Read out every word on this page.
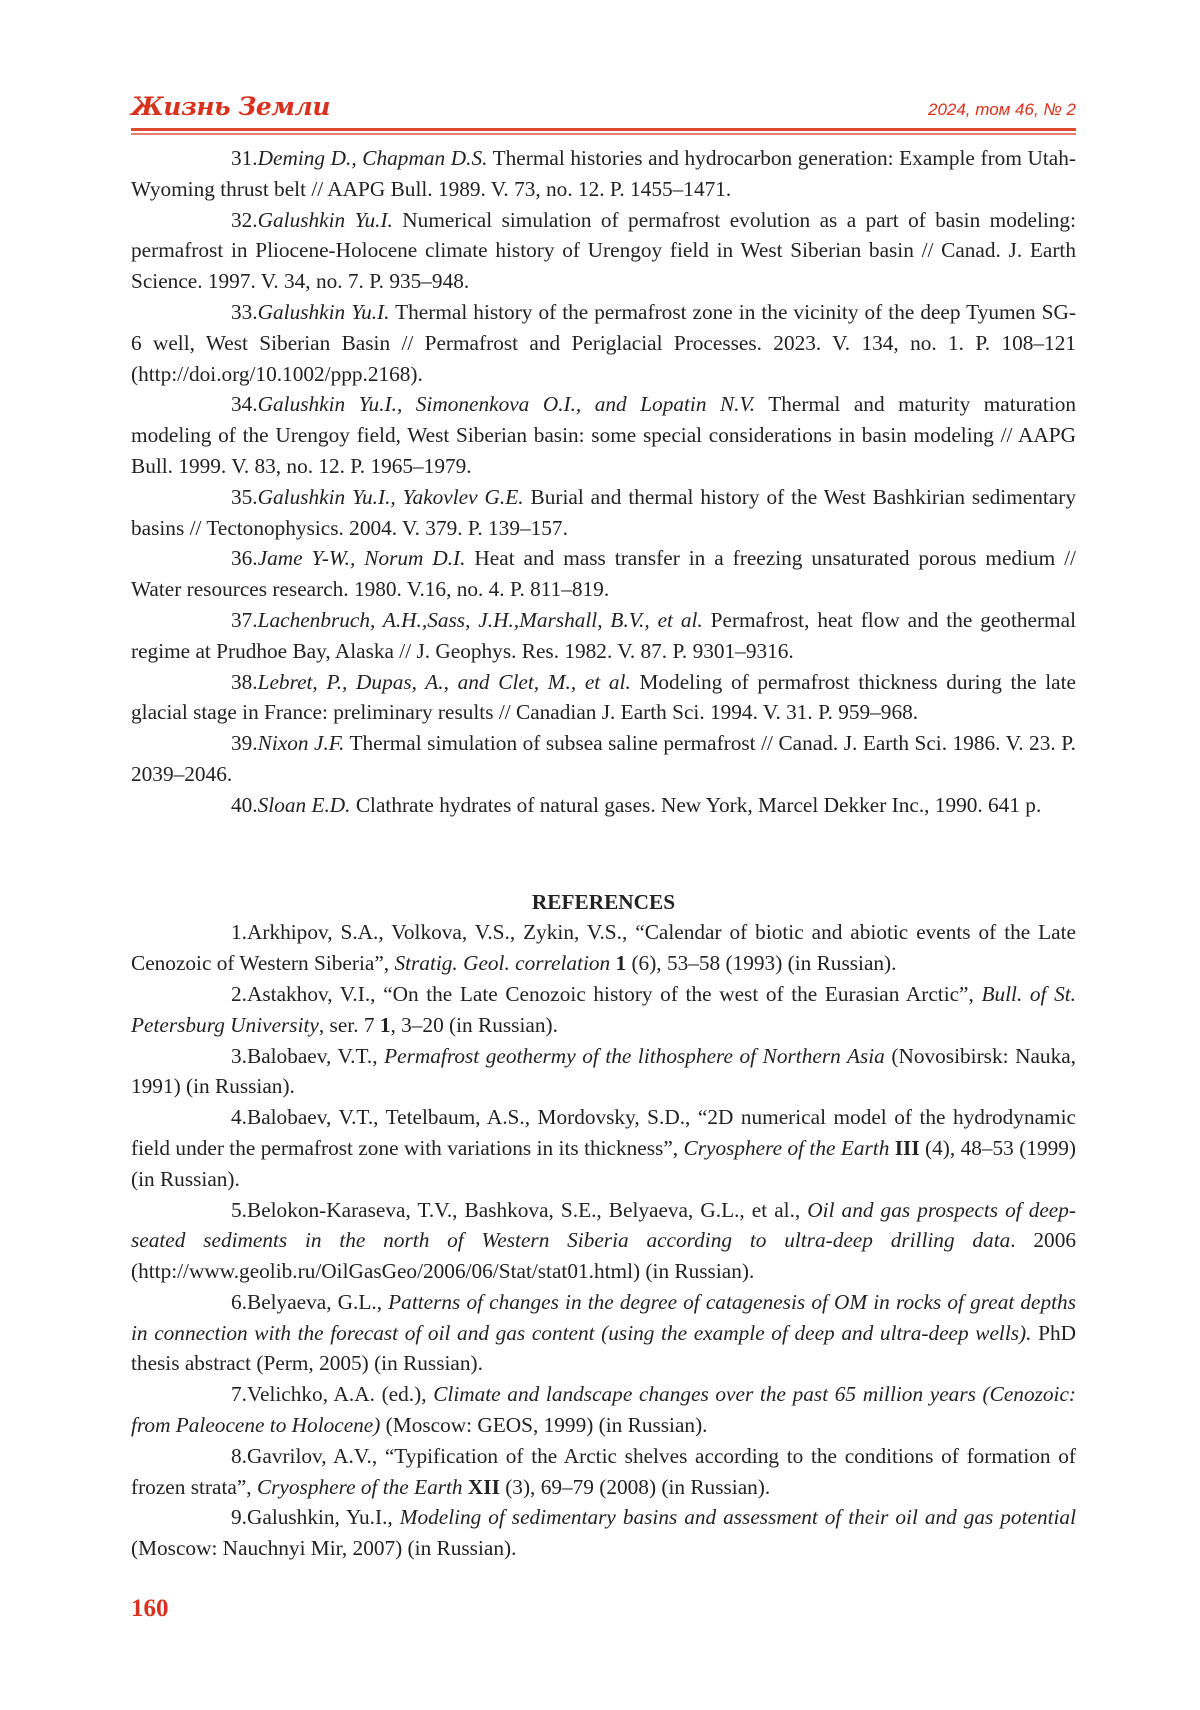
Жизнь Земли	2024, том 46, № 2

31.Deming D., Chapman D.S. Thermal histories and hydrocarbon generation: Example from Utah-Wyoming thrust belt // AAPG Bull. 1989. V. 73, no. 12. P. 1455–1471.

32.Galushkin Yu.I. Numerical simulation of permafrost evolution as a part of basin modeling: permafrost in Pliocene-Holocene climate history of Urengoy field in West Siberian basin // Canad. J. Earth Science. 1997. V. 34, no. 7. P. 935–948.

33.Galushkin Yu.I. Thermal history of the permafrost zone in the vicinity of the deep Tyumen SG-6 well, West Siberian Basin // Permafrost and Periglacial Processes. 2023. V. 134, no. 1. P. 108–121 (http://doi.org/10.1002/ppp.2168).

34.Galushkin Yu.I., Simonenkova O.I., and Lopatin N.V. Thermal and maturity maturation modeling of the Urengoy field, West Siberian basin: some special considerations in basin modeling // AAPG Bull. 1999. V. 83, no. 12. P. 1965–1979.

35.Galushkin Yu.I., Yakovlev G.E. Burial and thermal history of the West Bashkirian sedimentary basins // Tectonophysics. 2004. V. 379. P. 139–157.

36.Jame Y-W., Norum D.I. Heat and mass transfer in a freezing unsaturated porous medium // Water resources research. 1980. V.16, no. 4. P. 811–819.

37.Lachenbruch, A.H.,Sass, J.H.,Marshall, B.V., et al. Permafrost, heat flow and the geothermal regime at Prudhoe Bay, Alaska // J. Geophys. Res. 1982. V. 87. P. 9301–9316.

38.Lebret, P., Dupas, A., and Clet, M., et al. Modeling of permafrost thickness during the late glacial stage in France: preliminary results // Canadian J. Earth Sci. 1994. V. 31. P. 959–968.

39.Nixon J.F. Thermal simulation of subsea saline permafrost // Canad. J. Earth Sci. 1986. V. 23. P. 2039–2046.

40.Sloan E.D. Clathrate hydrates of natural gases. New York, Marcel Dekker Inc., 1990. 641 p.

REFERENCES

1.Arkhipov, S.A., Volkova, V.S., Zykin, V.S., “Calendar of biotic and abiotic events of the Late Cenozoic of Western Siberia”, Stratig. Geol. correlation 1 (6), 53–58 (1993) (in Russian).

2.Astakhov, V.I., “On the Late Cenozoic history of the west of the Eurasian Arctic”, Bull. of St. Petersburg University, ser. 7 1, 3–20 (in Russian).

3.Balobaev, V.T., Permafrost geothermy of the lithosphere of Northern Asia (Novosibirsk: Nauka, 1991) (in Russian).

4.Balobaev, V.T., Tetelbaum, A.S., Mordovsky, S.D., “2D numerical model of the hydrodynamic field under the permafrost zone with variations in its thickness”, Cryosphere of the Earth III (4), 48–53 (1999) (in Russian).

5.Belokon-Karaseva, T.V., Bashkova, S.E., Belyaeva, G.L., et al., Oil and gas prospects of deep-seated sediments in the north of Western Siberia according to ultra-deep drilling data. 2006 (http://www.geolib.ru/OilGasGeo/2006/06/Stat/stat01.html) (in Russian).

6.Belyaeva, G.L., Patterns of changes in the degree of catagenesis of OM in rocks of great depths in connection with the forecast of oil and gas content (using the example of deep and ultra-deep wells). PhD thesis abstract (Perm, 2005) (in Russian).

7.Velichko, A.A. (ed.), Climate and landscape changes over the past 65 million years (Cenozoic: from Paleocene to Holocene) (Moscow: GEOS, 1999) (in Russian).

8.Gavrilov, A.V., “Typification of the Arctic shelves according to the conditions of formation of frozen strata”, Cryosphere of the Earth XII (3), 69–79 (2008) (in Russian).

9.Galushkin, Yu.I., Modeling of sedimentary basins and assessment of their oil and gas potential (Moscow: Nauchnyi Mir, 2007) (in Russian).

160
